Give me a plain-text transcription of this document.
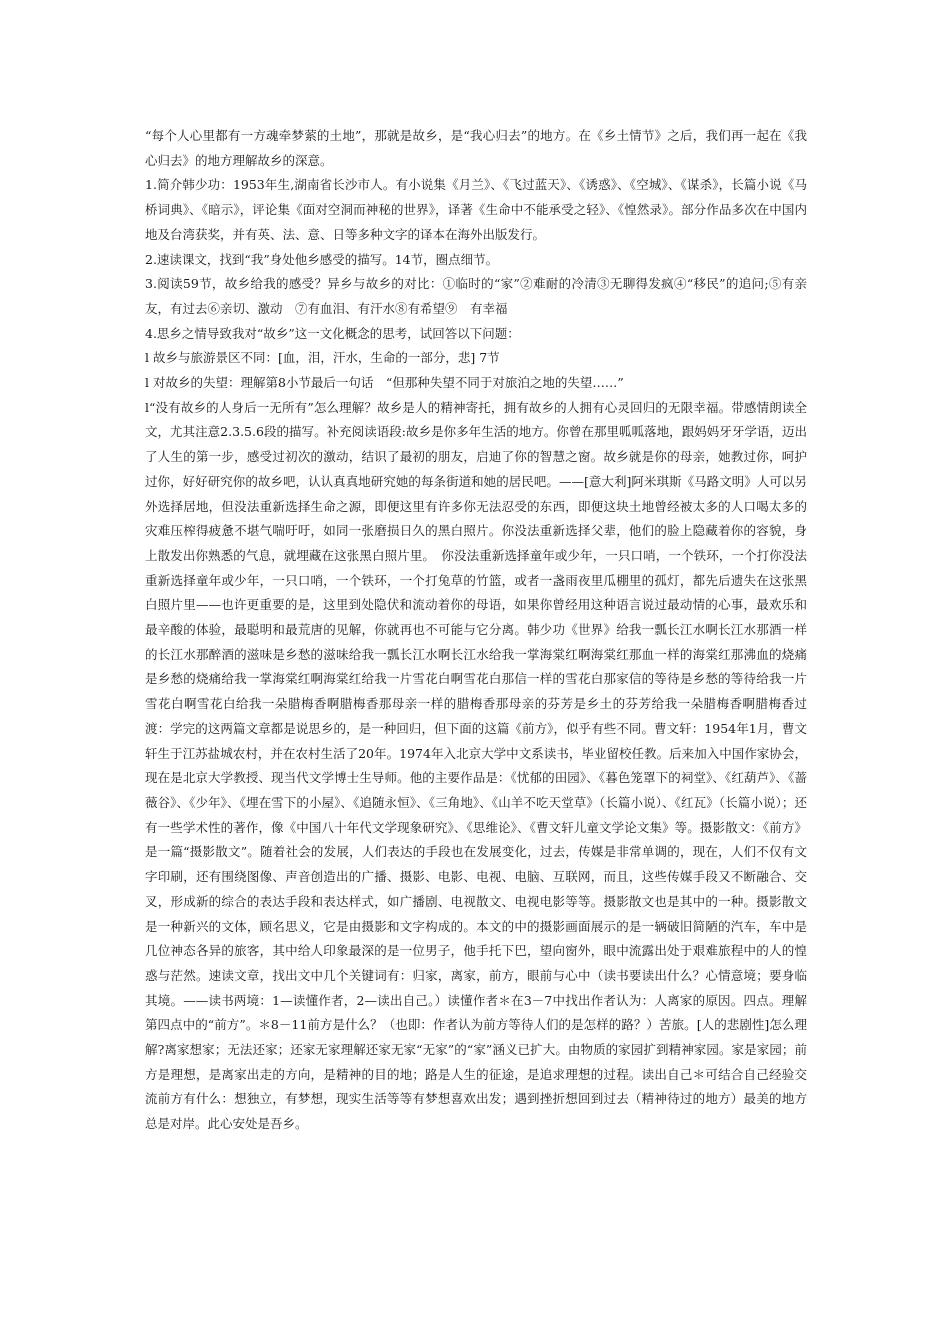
“每个人心里都有一方魂牵梦萦的土地”，那就是故乡，是“我心归去”的地方。在《乡土情节》之后，我们再一起在《我心归去》的地方理解故乡的深意。

1.简介韩少功：1953年生,湖南省长沙市人。有小说集《月兰》、《飞过蓝天》、《诱惑》、《空城》、《谋杀》，长篇小说《马桥词典》、《暗示》，评论集《面对空洞而神秘的世界》，译著《生命中不能承受之轻》、《惶然录》。部分作品多次在中国内地及台湾获奖，并有英、法、意、日等多种文字的译本在海外出版发行。

2.速读课文，找到“我”身处他乡感受的描写。14节，圈点细节。

3.阅读59节，故乡给我的感受？异乡与故乡的对比：①临时的“家”②难耐的冷清③无聊得发疯④“移民”的追问;⑤有亲友，有过去⑥亲切、激动　⑦有血泪、有汗水⑧有希望⑨　有幸福

4.思乡之情导致我对“故乡”这一文化概念的思考，试回答以下问题：

l 故乡与旅游景区不同：[血，泪，汗水，生命的一部分，悲] 7节

l 对故乡的失望：理解第8小节最后一句话　“但那种失望不同于对旅泊之地的失望……”

l“没有故乡的人身后一无所有”怎么理解？故乡是人的精神寄托，拥有故乡的人拥有心灵回归的无限幸福。带感情朗读全文，尤其注意2.3.5.6段的描写。补充阅读语段:故乡是你多年生活的地方。你曾在那里呱呱落地，跟妈妈牙牙学语，迈出了人生的第一步，感受过初次的激动，结识了最初的朋友，启迪了你的智慧之窗。故乡就是你的母亲，她教过你，呵护过你，好好研究你的故乡吧，认认真真地研究她的每条街道和她的居民吧。——[意大利]阿米琪斯《马路文明》人可以另外选择居地，但没法重新选择生命之源，即便这里有许多你无法忍受的东西，即便这块土地曾经被太多的人口喝太多的灾难压榨得疲惫不堪气喘吁吁，如同一张磨损日久的黑白照片。你没法重新选择父辈，他们的脸上隐藏着你的容貌，身上散发出你熟悉的气息，就埋藏在这张黑白照片里。　你没法重新选择童年或少年，一只口哨，一个铁环，一个打你没法重新选择童年或少年，一只口哨，一个铁环，一个打兔草的竹篮，或者一盏雨夜里瓜棚里的孤灯，都先后遗失在这张黑白照片里——也许更重要的是，这里到处隐伏和流动着你的母语，如果你曾经用这种语言说过最动情的心事，最欢乐和最辛酸的体验，最聪明和最荒唐的见解，你就再也不可能与它分离。韩少功《世界》给我一瓢长江水啊长江水那酒一样的长江水那醉酒的滋味是乡愁的滋味给我一瓢长江水啊长江水给我一掌海棠红啊海棠红那血一样的海棠红那沸血的烧痛是乡愁的烧痛给我一掌海棠红啊海棠红给我一片雪花白啊雪花白那信一样的雪花白那家信的等待是乡愁的等待给我一片雪花白啊雪花白给我一朵腊梅香啊腊梅香那母亲一样的腊梅香那母亲的芬芳是乡土的芬芳给我一朵腊梅香啊腊梅香过渡：学完的这两篇文章都是说思乡的，是一种回归，但下面的这篇《前方》，似乎有些不同。曹文轩：1954年1月，曹文轩生于江苏盐城农村，并在农村生活了20年。1974年入北京大学中文系读书，毕业留校任教。后来加入中国作家协会，现在是北京大学教授、现当代文学博士生导师。他的主要作品是：《忧郁的田园》、《暮色笼罩下的祠堂》、《红葫芦》、《蔷薇谷》、《少年》、《埋在雪下的小屋》、《追随永恒》、《三角地》、《山羊不吃天堂草》（长篇小说）、《红瓦》（长篇小说）；还有一些学术性的著作，像《中国八十年代文学现象研究》、《思维论》、《曹文轩儿童文学论文集》等。摄影散文：《前方》是一篇“摄影散文”。随着社会的发展，人们表达的手段也在发展变化，过去，传媒是非常单调的，现在，人们不仅有文字印刷，还有围绕图像、声音创造出的广播、摄影、电影、电视、电脑、互联网，而且，这些传媒手段又不断融合、交叉，形成新的综合的表达手段和表达样式，如广播剧、电视散文、电视电影等等。摄影散文也是其中的一种。摄影散文是一种新兴的文体，顾名思义，它是由摄影和文字构成的。本文的中的摄影画面展示的是一辆破旧简陋的汽车，车中是几位神态各异的旅客，其中给人印象最深的是一位男子，他手托下巴，望向窗外，眼中流露出处于艰难旅程中的人的惶惑与茫然。速读文章，找出文中几个关键词有：归家，离家，前方，眼前与心中（读书要读出什么？心情意境；要身临其境。——读书两境：1—读懂作者，2—读出自己。）读懂作者＊在3－7中找出作者认为：人离家的原因。四点。理解第四点中的“前方”。＊8－11前方是什么？（也即：作者认为前方等待人们的是怎样的路？）苦旅。[人的悲剧性]怎么理解?离家想家；无法还家；还家无家理解还家无家“无家”的“家”涵义已扩大。由物质的家园扩到精神家园。家是家园；前方是理想，是离家出走的方向，是精神的目的地；路是人生的征途，是追求理想的过程。读出自己＊可结合自己经验交流前方有什么：想独立，有梦想，现实生活等等有梦想喜欢出发；遇到挫折想回到过去（精神待过的地方）最美的地方总是对岸。此心安处是吾乡。
